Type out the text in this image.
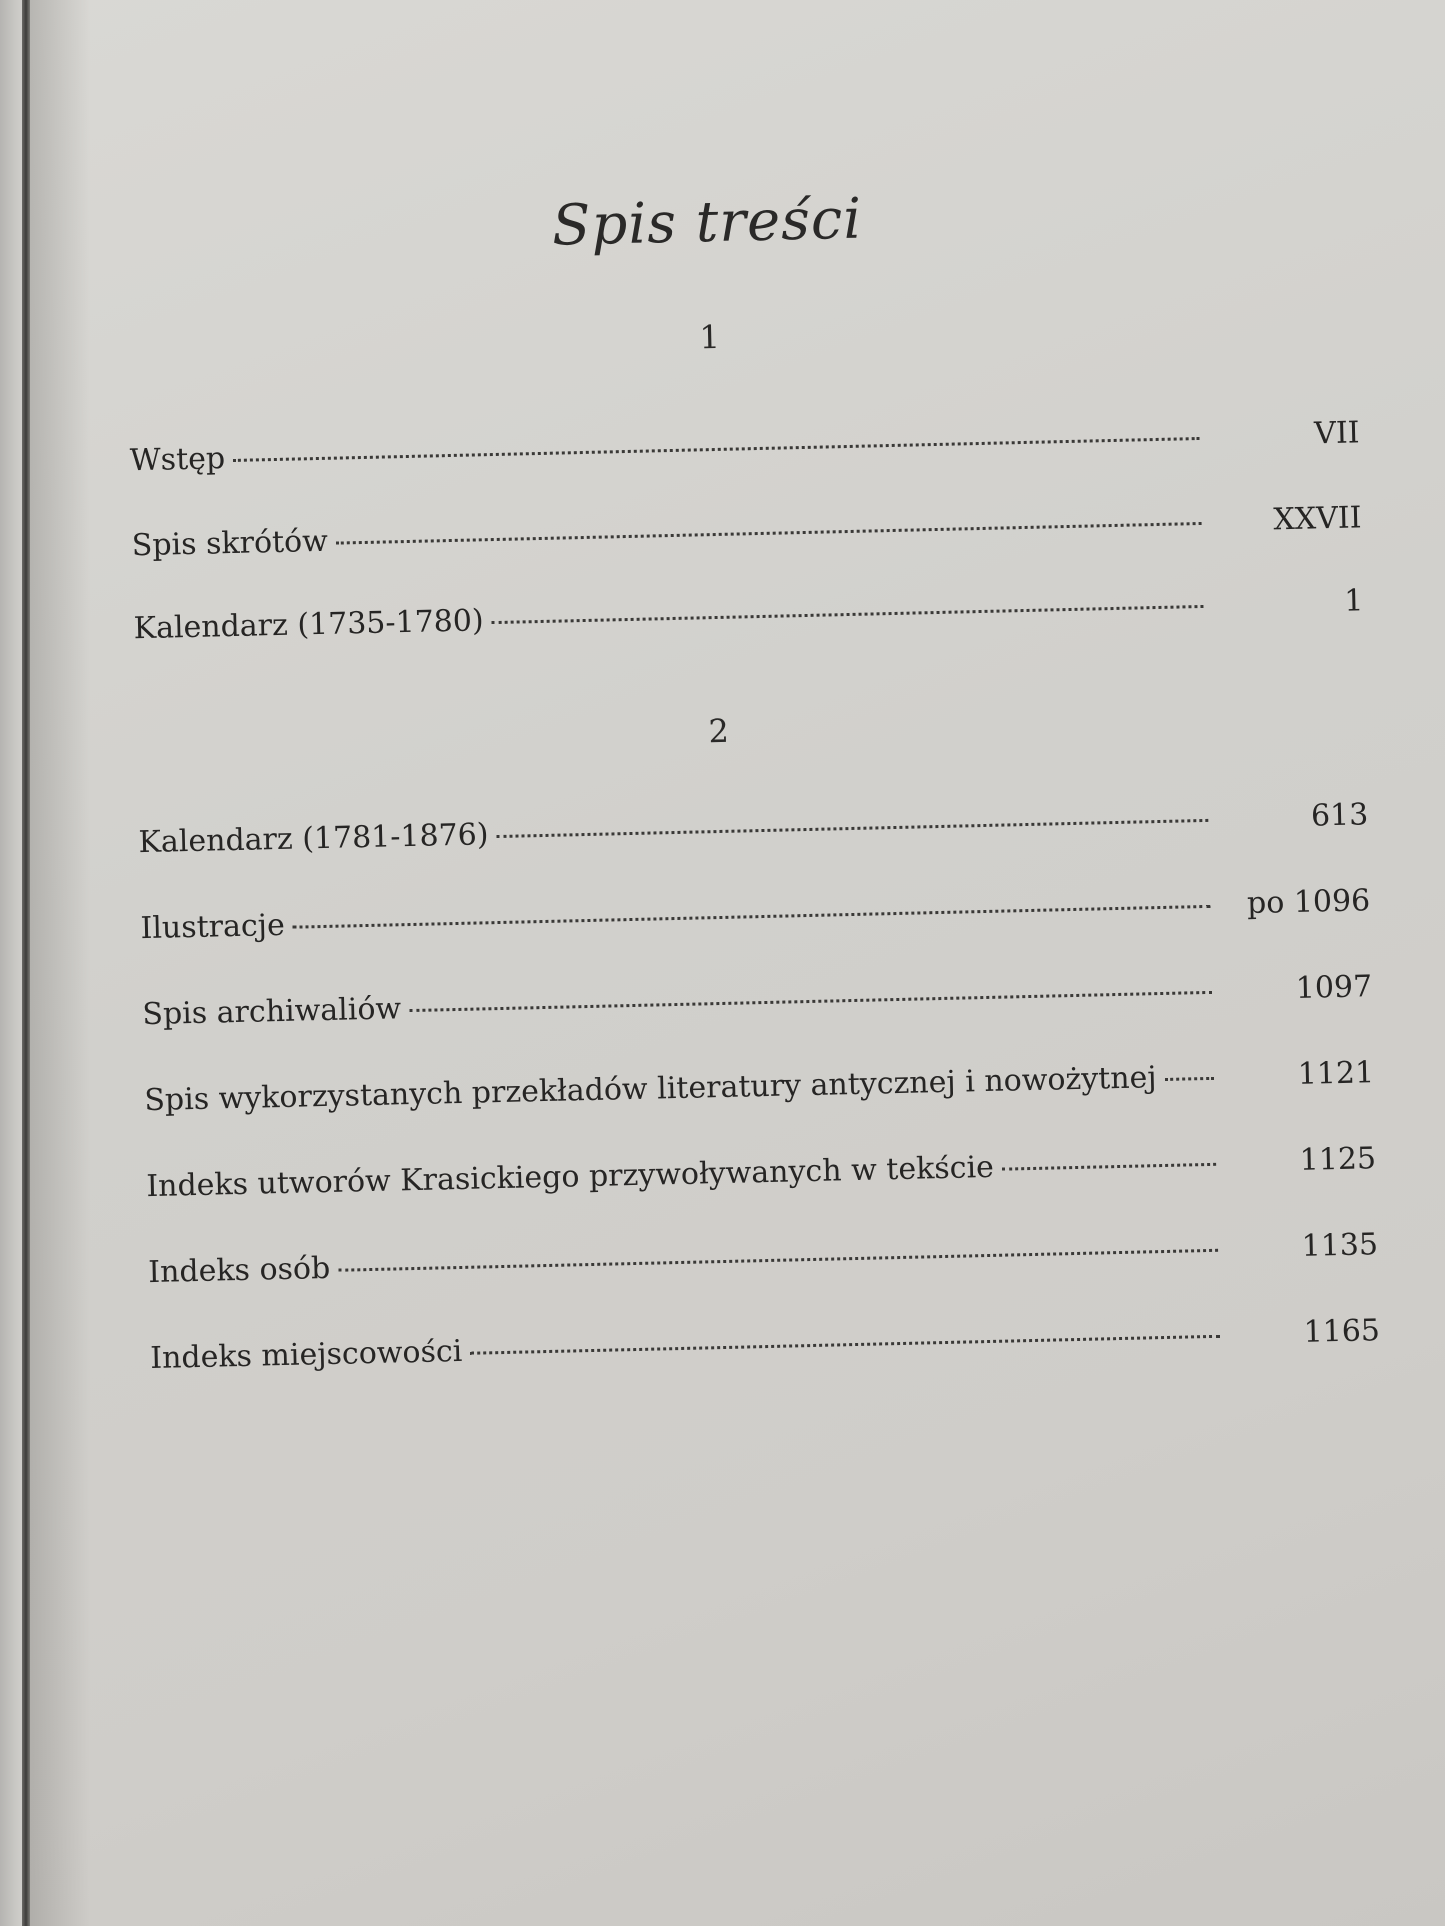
Spis treści
1
Wstęp
VII
Spis skrótów
XXVII
Kalendarz (1735-1780)
1
2
Kalendarz (1781-1876)
613
Ilustracje
po 1096
Spis archiwaliów
1097
Spis wykorzystanych przekładów literatury antycznej i nowożytnej	1121
Indeks utworów Krasickiego przywoływanych w tekście	1125
Indeks osób
1135
Indeks miejscowości
1165
